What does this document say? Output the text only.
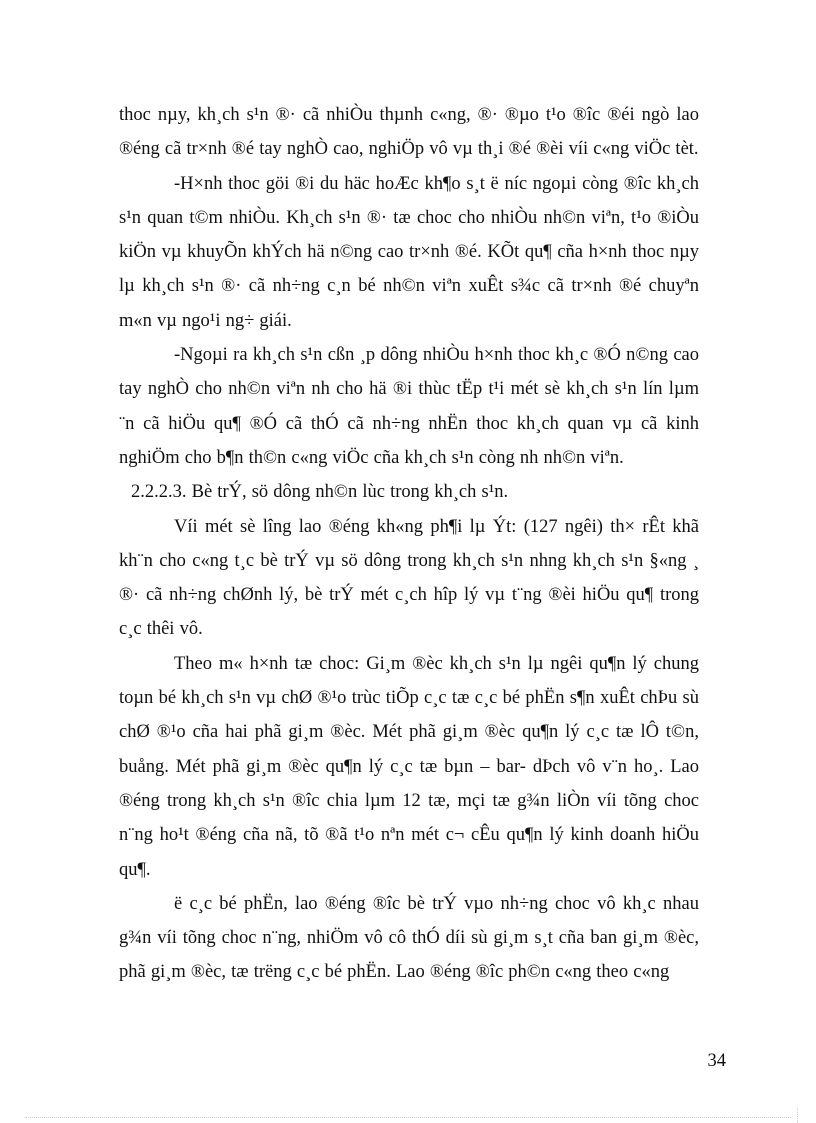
thoc nµy, kh¸ch s¹n ®· cã nhiÒu thµnh c«ng, ®· ®µo t¹o ®îc ®éi ngò lao ®éng cã tr×nh ®é tay nghÒ cao, nghiÖp vô vµ th¸i ®é ®èi víi c«ng viÖc tèt.

-H×nh thoc göi ®i du häc hoÆc kh¶o s¸t ë níc ngoµi còng ®îc kh¸ch s¹n quan t©m nhiÒu. Kh¸ch s¹n ®· tæ choc cho nhiÒu nh©n viªn, t¹o ®iÒu kiÖn vµ khuyÕn khÝch hä n©ng cao tr×nh ®é. KÕt qu¶ cña h×nh thoc nµy lµ kh¸ch s¹n ®· cã nh÷ng c¸n bé nh©n viªn xuÊt s¾c cã tr×nh ®é chuyªn m«n vµ ngo¹i ng÷ giái.

-Ngoµi ra kh¸ch s¹n cßn ¸p dông nhiÒu h×nh thoc kh¸c ®Ó n©ng cao tay nghÒ cho nh©n viªn nh cho hä ®i thùc tËp t¹i mét sè kh¸ch s¹n lín lµm ¨n cã hiÖu qu¶ ®Ó cã thÓ cã nh÷ng nhËn thoc kh¸ch quan vµ cã kinh nghiÖm cho b¶n th©n c«ng viÖc cña kh¸ch s¹n còng nh nh©n viªn.

2.2.2.3. Bè trÝ, sö dông nh©n lùc trong kh¸ch s¹n.

Víi mét sè lîng lao ®éng kh«ng ph¶i lµ Ýt: (127 ngêi) th× rÊt khã kh¨n cho c«ng t¸c bè trÝ vµ sö dông trong kh¸ch s¹n nhng kh¸ch s¹n §«ng ¸ ®· cã nh÷ng chØnh lý, bè trÝ mét c¸ch hîp lý vµ t¨ng ®èi hiÖu qu¶ trong c¸c thêi vô.

Theo m« h×nh tæ choc: Gi¸m ®èc kh¸ch s¹n lµ ngêi qu¶n lý chung toµn bé kh¸ch s¹n vµ chØ ®¹o trùc tiÕp c¸c tæ c¸c bé phËn s¶n xuÊt chÞu sù chØ ®¹o cña hai phã gi¸m ®èc. Mét phã gi¸m ®èc qu¶n lý c¸c tæ lÔ t©n, buång. Mét phã gi¸m ®èc qu¶n lý c¸c tæ bµn – bar- dÞch vô v¨n ho¸. Lao ®éng trong kh¸ch s¹n ®îc chia lµm 12 tæ, mçi tæ g¾n liÒn víi tõng choc n¨ng ho¹t ®éng cña nã, tõ ®ã t¹o nªn mét c¬ cÊu qu¶n lý kinh doanh hiÖu qu¶.

ë c¸c bé phËn, lao ®éng ®îc bè trÝ vµo nh÷ng choc vô kh¸c nhau g¾n víi tõng choc n¨ng, nhiÖm vô cô thÓ díi sù gi¸m s¸t cña ban gi¸m ®èc, phã gi¸m ®èc, tæ trëng c¸c bé phËn. Lao ®éng ®îc ph©n c«ng theo c«ng

34
